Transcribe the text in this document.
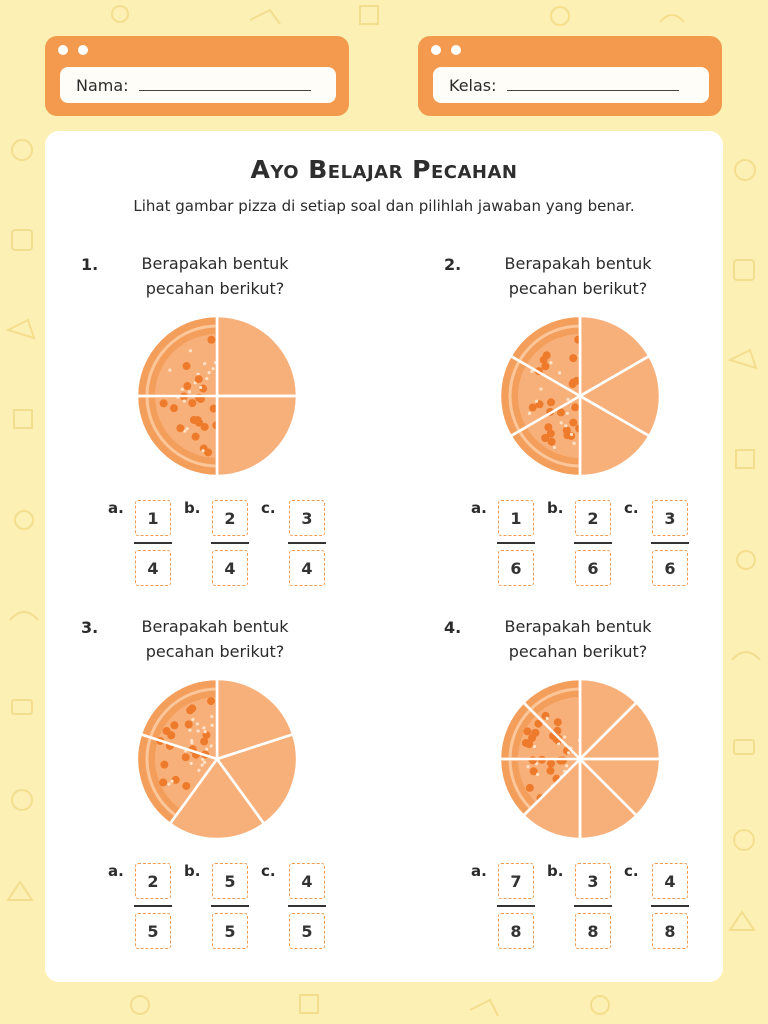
Nama:	Kelas:
Ayo Belajar Pecahan
Lihat gambar pizza di setiap soal dan pilihlah jawaban yang benar.
1.	Berapakah bentuk
pecahan berikut?
a.
1
4
b.
2
4
c.
3
4
2.	Berapakah bentuk
pecahan berikut?
a.
1
6
b.
2
6
c.
3
6
3.	Berapakah bentuk
pecahan berikut?
a.
2
5
b.
5
5
c.
4
5
4.	Berapakah bentuk
pecahan berikut?
a.
7
8
b.
3
8
c.
4
8
